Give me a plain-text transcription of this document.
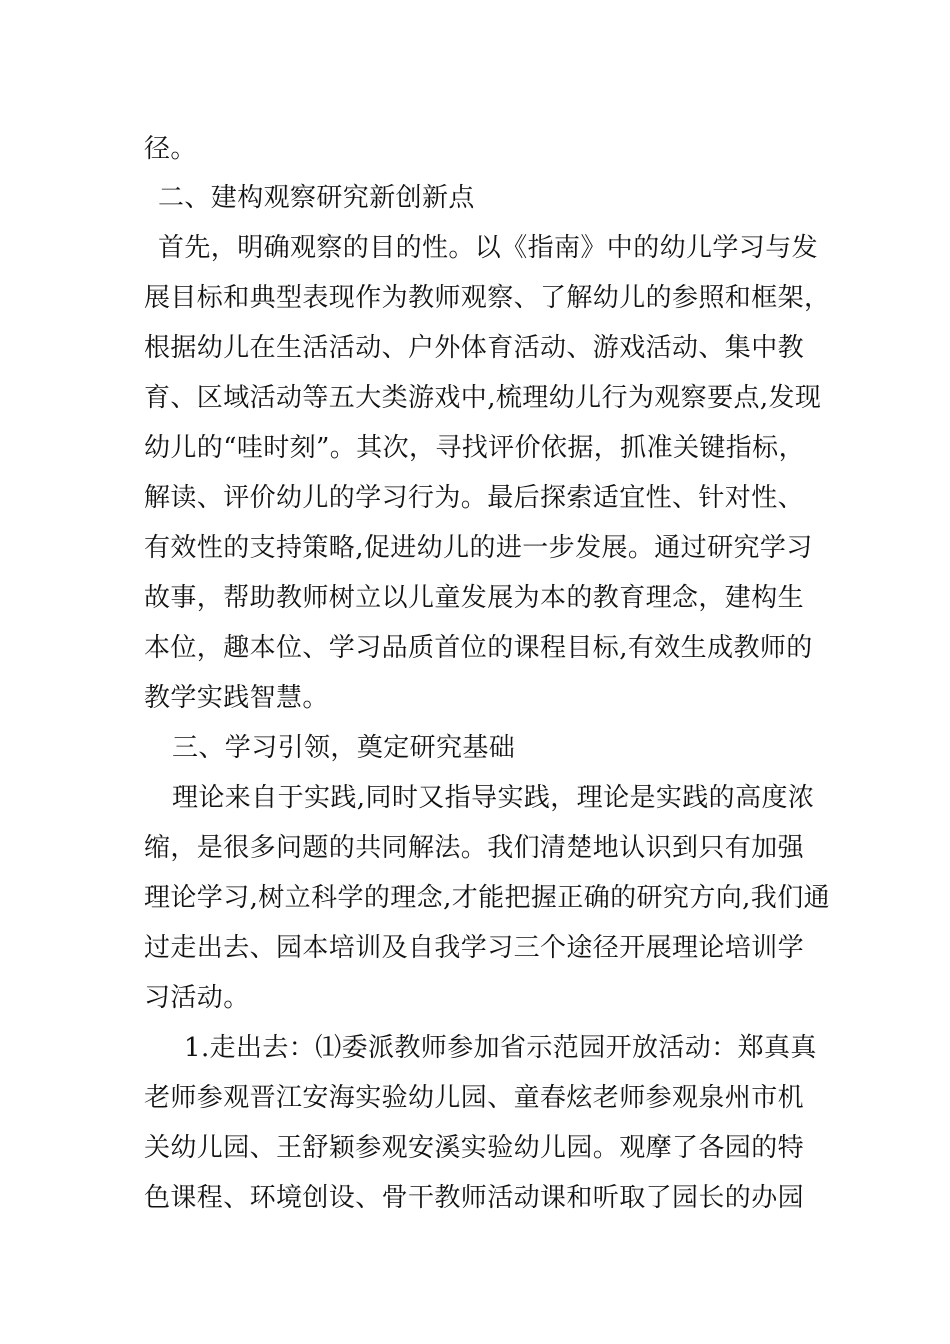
径。
二、建构观察研究新创新点
首先，明确观察的目的性。以《指南》中的幼儿学习与发
展目标和典型表现作为教师观察、了解幼儿的参照和框架，
根据幼儿在生活活动、户外体育活动、游戏活动、集中教
育、区域活动等五大类游戏中,梳理幼儿行为观察要点,发现
幼儿的“哇时刻”。其次，寻找评价依据，抓准关键指标，
解读、评价幼儿的学习行为。最后探索适宜性、针对性、
有效性的支持策略,促进幼儿的进一步发展。通过研究学习
故事，帮助教师树立以儿童发展为本的教育理念，建构生
本位，趣本位、学习品质首位的课程目标,有效生成教师的
教学实践智慧。
三、学习引领，奠定研究基础
理论来自于实践,同时又指导实践，理论是实践的高度浓
缩，是很多问题的共同解法。我们清楚地认识到只有加强
理论学习,树立科学的理念,才能把握正确的研究方向,我们通
过走出去、园本培训及自我学习三个途径开展理论培训学
习活动。
1.走出去：⑴委派教师参加省示范园开放活动：郑真真
老师参观晋江安海实验幼儿园、童春炫老师参观泉州市机
关幼儿园、王舒颖参观安溪实验幼儿园。观摩了各园的特
色课程、环境创设、骨干教师活动课和听取了园长的办园
